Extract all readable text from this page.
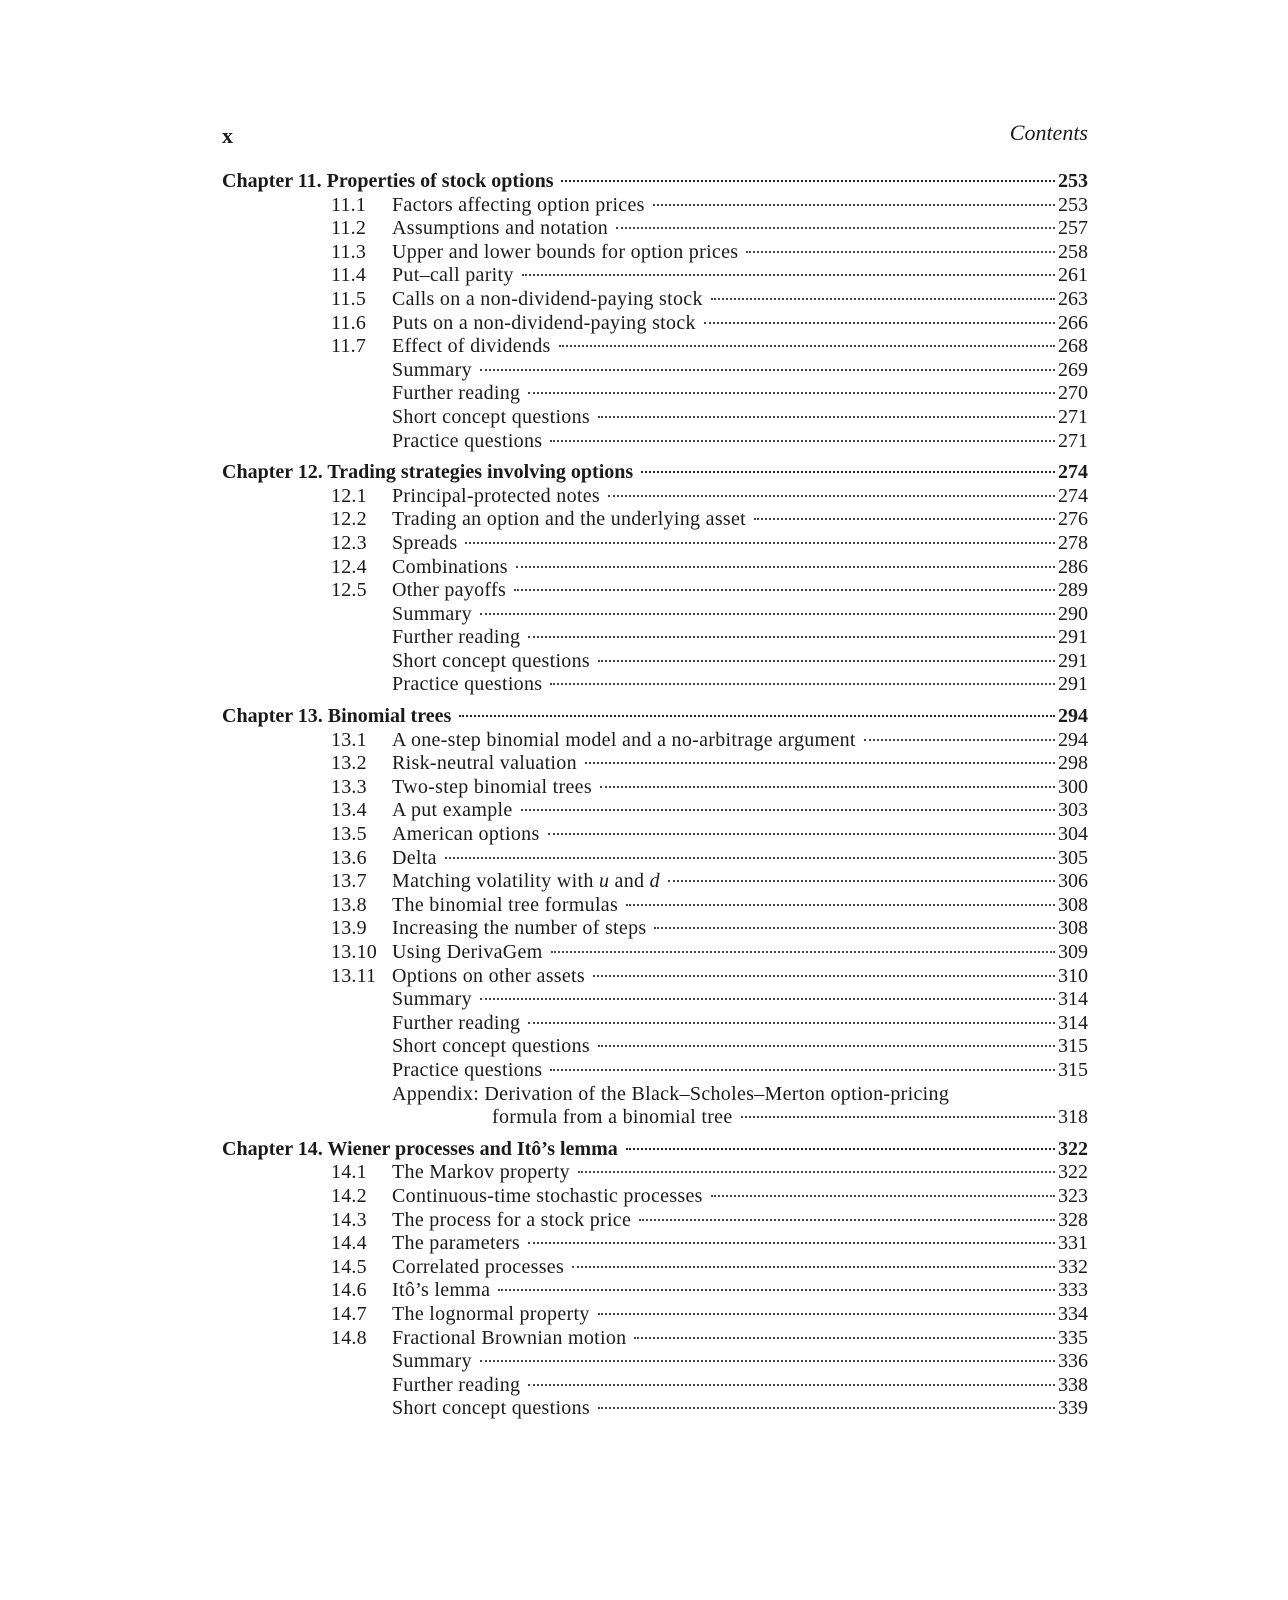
x	Contents
Chapter 11. Properties of stock options	253
11.1 Factors affecting option prices	253
11.2 Assumptions and notation	257
11.3 Upper and lower bounds for option prices	258
11.4 Put–call parity	261
11.5 Calls on a non-dividend-paying stock	263
11.6 Puts on a non-dividend-paying stock	266
11.7 Effect of dividends	268
Summary	269
Further reading	270
Short concept questions	271
Practice questions	271
Chapter 12. Trading strategies involving options	274
12.1 Principal-protected notes	274
12.2 Trading an option and the underlying asset	276
12.3 Spreads	278
12.4 Combinations	286
12.5 Other payoffs	289
Summary	290
Further reading	291
Short concept questions	291
Practice questions	291
Chapter 13. Binomial trees	294
13.1 A one-step binomial model and a no-arbitrage argument	294
13.2 Risk-neutral valuation	298
13.3 Two-step binomial trees	300
13.4 A put example	303
13.5 American options	304
13.6 Delta	305
13.7 Matching volatility with u and d	306
13.8 The binomial tree formulas	308
13.9 Increasing the number of steps	308
13.10 Using DerivaGem	309
13.11 Options on other assets	310
Summary	314
Further reading	314
Short concept questions	315
Practice questions	315
Appendix: Derivation of the Black–Scholes–Merton option-pricing
formula from a binomial tree	318
Chapter 14. Wiener processes and Itô’s lemma	322
14.1 The Markov property	322
14.2 Continuous-time stochastic processes	323
14.3 The process for a stock price	328
14.4 The parameters	331
14.5 Correlated processes	332
14.6 Itô’s lemma	333
14.7 The lognormal property	334
14.8 Fractional Brownian motion	335
Summary	336
Further reading	338
Short concept questions	339
